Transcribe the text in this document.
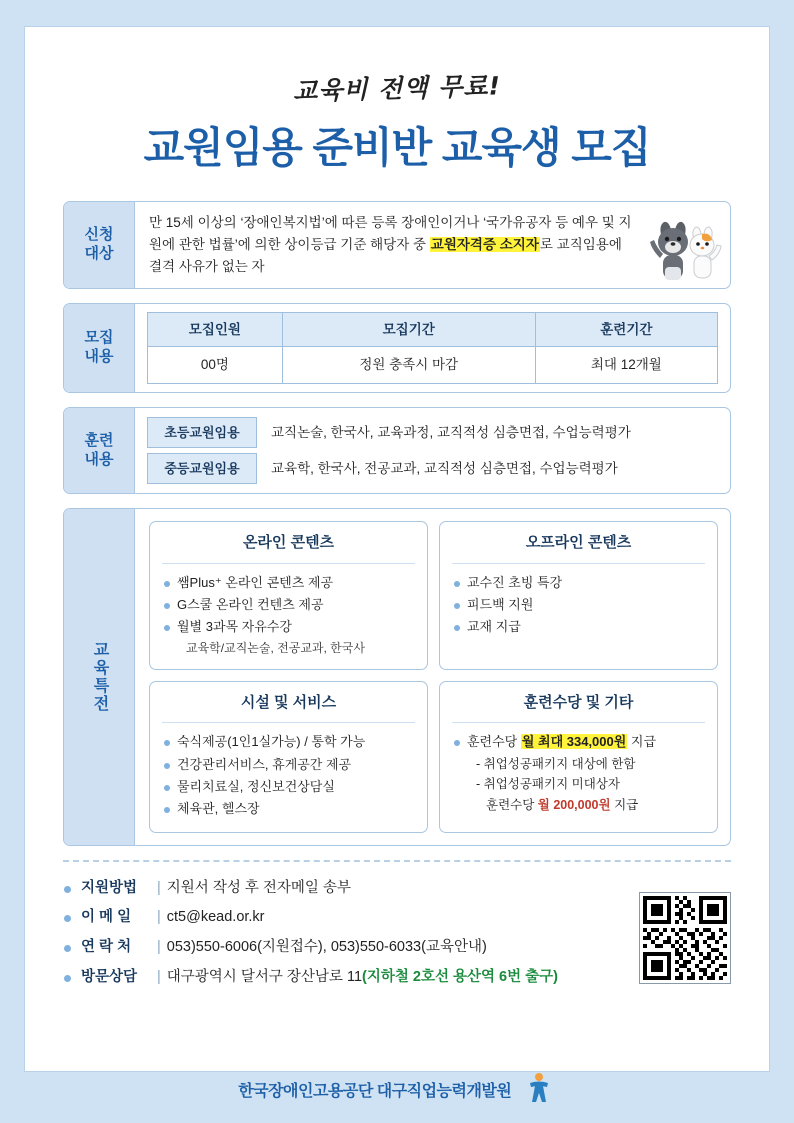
교육비 전액 무료!
교원임용 준비반 교육생 모집
신청
대상
만 15세 이상의 ‘장애인복지법’에 따른 등록 장애인이거나 ‘국가유공자 등 예우 및 지원에 관한 법률’에 의한 상이등급 기준 해당자 중 교원자격증 소지자로 교직임용에 결격 사유가 없는 자
모집
내용
모집인원	모집기간	훈련기간
00명	정원 충족시 마감	최대 12개월
훈련
내용
초등교원임용	교직논술, 한국사, 교육과정, 교직적성 심층면접, 수업능력평가
중등교원임용	교육학, 한국사, 전공교과, 교직적성 심층면접, 수업능력평가
교육특전
온라인 콘텐츠
쌤Plus⁺ 온라인 콘텐츠 제공
G스쿨 온라인 컨텐츠 제공
월별 3과목 자유수강
교육학/교직논술, 전공교과, 한국사
오프라인 콘텐츠
교수진 초빙 특강
피드백 지원
교재 지급
시설 및 서비스
숙식제공(1인1실가능) / 통학 가능
건강관리서비스, 휴게공간 제공
물리치료실, 정신보건상담실
체육관, 헬스장
훈련수당 및 기타
훈련수당 월 최대 334,000원 지급
- 취업성공패키지 대상에 한함
- 취업성공패키지 미대상자
훈련수당 월 200,000원 지급
지원방법 | 지원서 작성 후 전자메일 송부
이 메 일 | ct5@kead.or.kr
연 락 처 | 053)550-6006(지원접수), 053)550-6033(교육안내)
방문상담 | 대구광역시 달서구 장산남로 11(지하철 2호선 용산역 6번 출구)
한국장애인고용공단 대구직업능력개발원
